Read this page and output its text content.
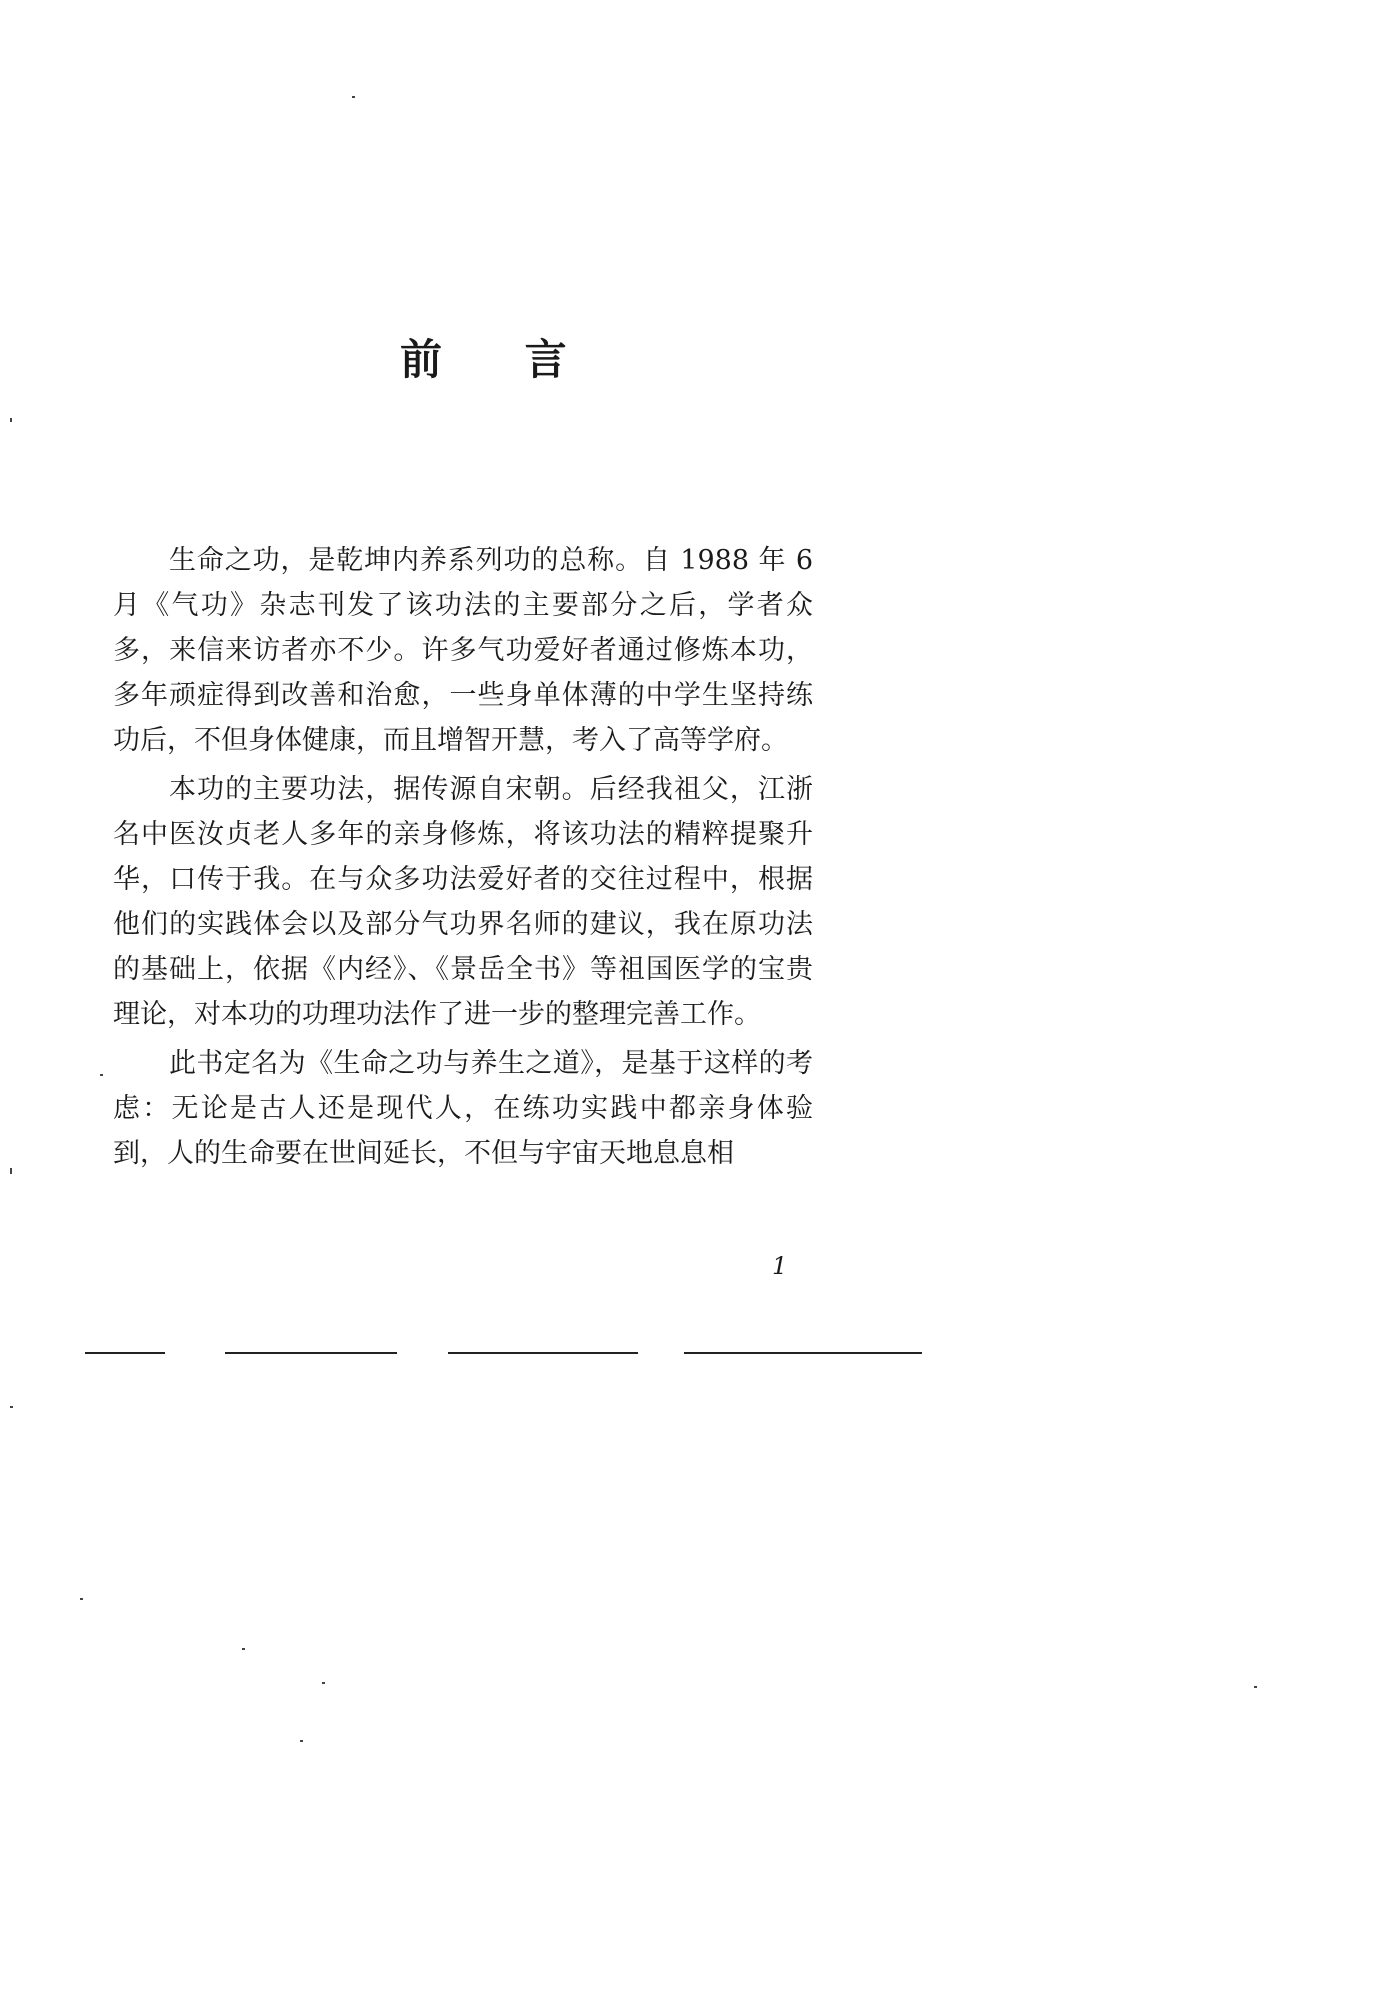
前 言

生命之功，是乾坤内养系列功的总称。自 1988 年 6 月《气功》杂志刊发了该功法的主要部分之后，学者众多，来信来访者亦不少。许多气功爱好者通过修炼本功，多年顽症得到改善和治愈，一些身单体薄的中学生坚持练功后，不但身体健康，而且增智开慧，考入了高等学府。

本功的主要功法，据传源自宋朝。后经我祖父，江浙名中医汝贞老人多年的亲身修炼，将该功法的精粹提聚升华，口传于我。在与众多功法爱好者的交往过程中，根据他们的实践体会以及部分气功界名师的建议，我在原功法的基础上，依据《内经》、《景岳全书》等祖国医学的宝贵理论，对本功的功理功法作了进一步的整理完善工作。

此书定名为《生命之功与养生之道》，是基于这样的考虑：无论是古人还是现代人，在练功实践中都亲身体验到，人的生命要在世间延长，不但与宇宙天地息息相

1
